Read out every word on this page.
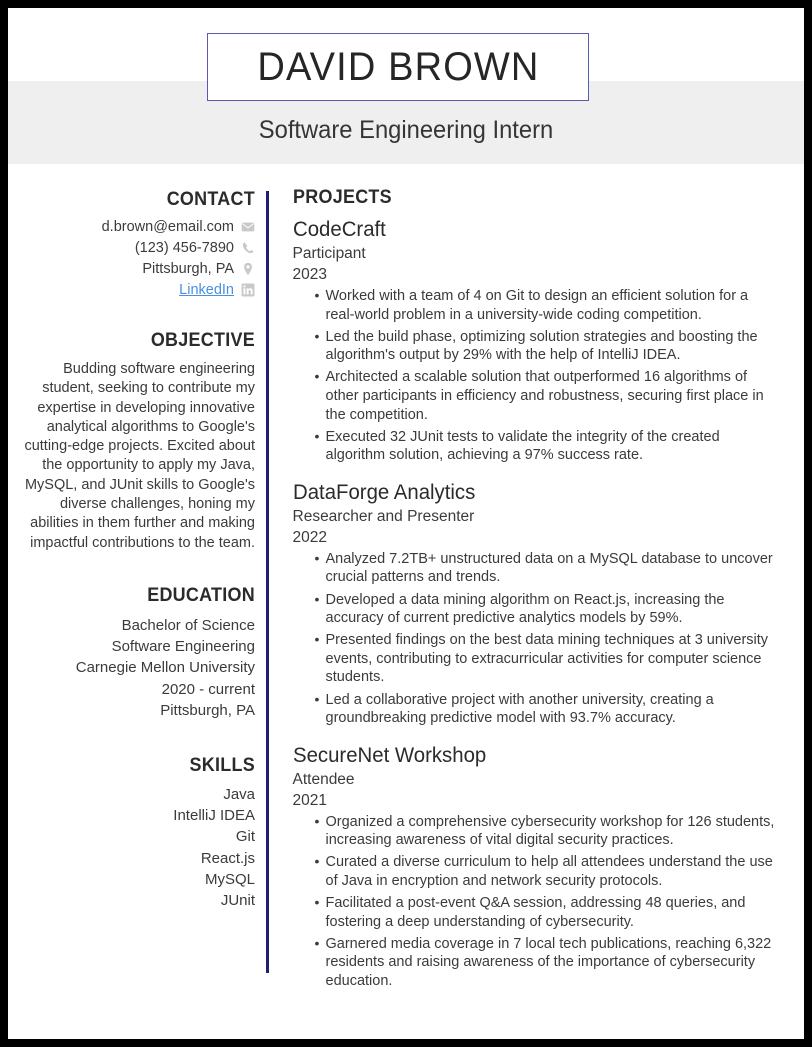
DAVID BROWN
Software Engineering Intern
CONTACT
d.brown@email.com
(123) 456-7890
Pittsburgh, PA
LinkedIn
OBJECTIVE

Budding software engineering student, seeking to contribute my expertise in developing innovative analytical algorithms to Google's cutting-edge projects. Excited about the opportunity to apply my Java, MySQL, and JUnit skills to Google's diverse challenges, honing my abilities in them further and making impactful contributions to the team.

EDUCATION
Bachelor of Science
Software Engineering
Carnegie Mellon University
2020 - current
Pittsburgh, PA
SKILLS
Java
IntelliJ IDEA
Git
React.js
MySQL
JUnit
PROJECTS
CodeCraft
Participant
2023
• Worked with a team of 4 on Git to design an efficient solution for a real-world problem in a university-wide coding competition.
• Led the build phase, optimizing solution strategies and boosting the algorithm's output by 29% with the help of IntelliJ IDEA.
• Architected a scalable solution that outperformed 16 algorithms of other participants in efficiency and robustness, securing first place in the competition.
• Executed 32 JUnit tests to validate the integrity of the created algorithm solution, achieving a 97% success rate.
DataForge Analytics
Researcher and Presenter
2022
• Analyzed 7.2TB+ unstructured data on a MySQL database to uncover crucial patterns and trends.
• Developed a data mining algorithm on React.js, increasing the accuracy of current predictive analytics models by 59%.
• Presented findings on the best data mining techniques at 3 university events, contributing to extracurricular activities for computer science students.
• Led a collaborative project with another university, creating a groundbreaking predictive model with 93.7% accuracy.
SecureNet Workshop
Attendee
2021
• Organized a comprehensive cybersecurity workshop for 126 students, increasing awareness of vital digital security practices.
• Curated a diverse curriculum to help all attendees understand the use of Java in encryption and network security protocols.
• Facilitated a post-event Q&A session, addressing 48 queries, and fostering a deep understanding of cybersecurity.
• Garnered media coverage in 7 local tech publications, reaching 6,322 residents and raising awareness of the importance of cybersecurity education.
